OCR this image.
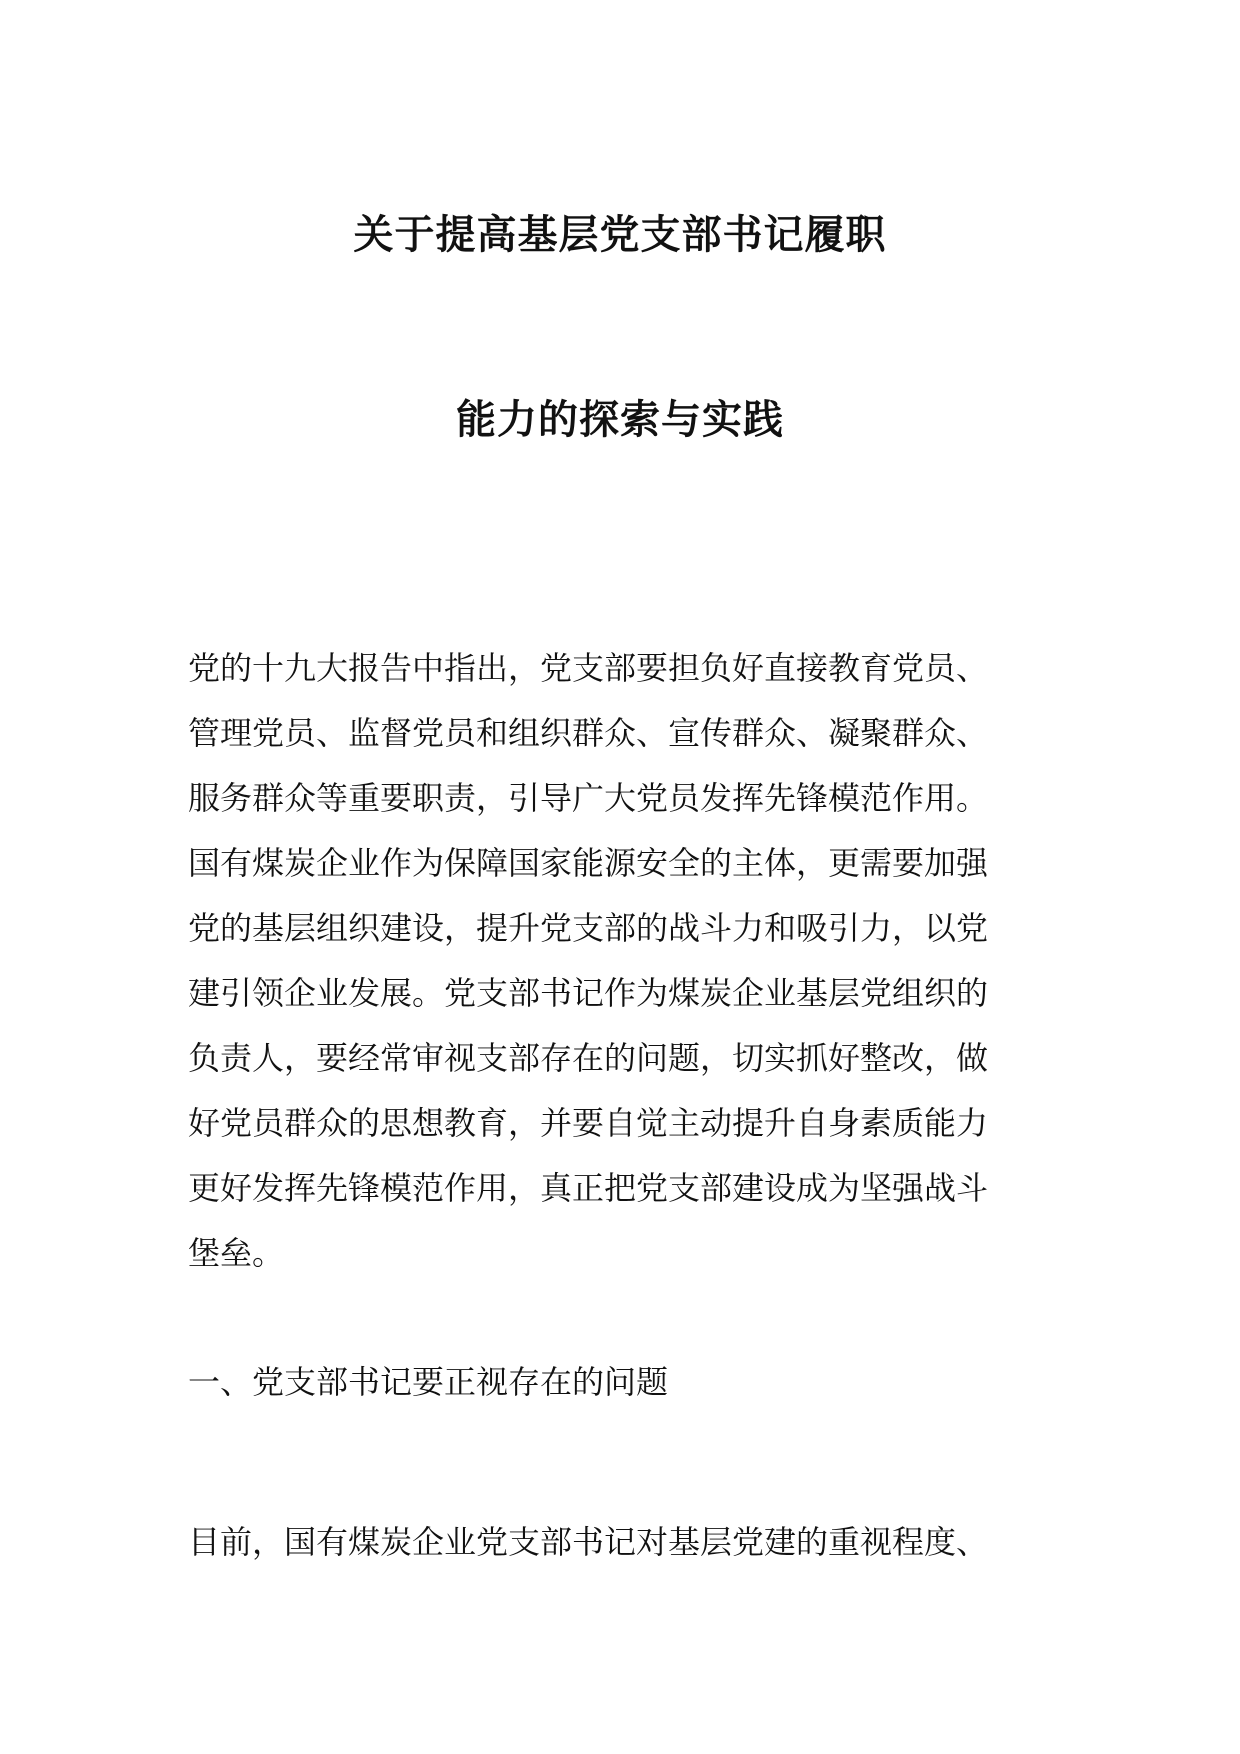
关于提高基层党支部书记履职
能力的探索与实践
党的十九大报告中指出，党支部要担负好直接教育党员、
管理党员、监督党员和组织群众、宣传群众、凝聚群众、
服务群众等重要职责，引导广大党员发挥先锋模范作用。
国有煤炭企业作为保障国家能源安全的主体，更需要加强
党的基层组织建设，提升党支部的战斗力和吸引力，以党
建引领企业发展。党支部书记作为煤炭企业基层党组织的
负责人，要经常审视支部存在的问题，切实抓好整改，做
好党员群众的思想教育，并要自觉主动提升自身素质能力
更好发挥先锋模范作用，真正把党支部建设成为坚强战斗
堡垒。
一、党支部书记要正视存在的问题
目前，国有煤炭企业党支部书记对基层党建的重视程度、
